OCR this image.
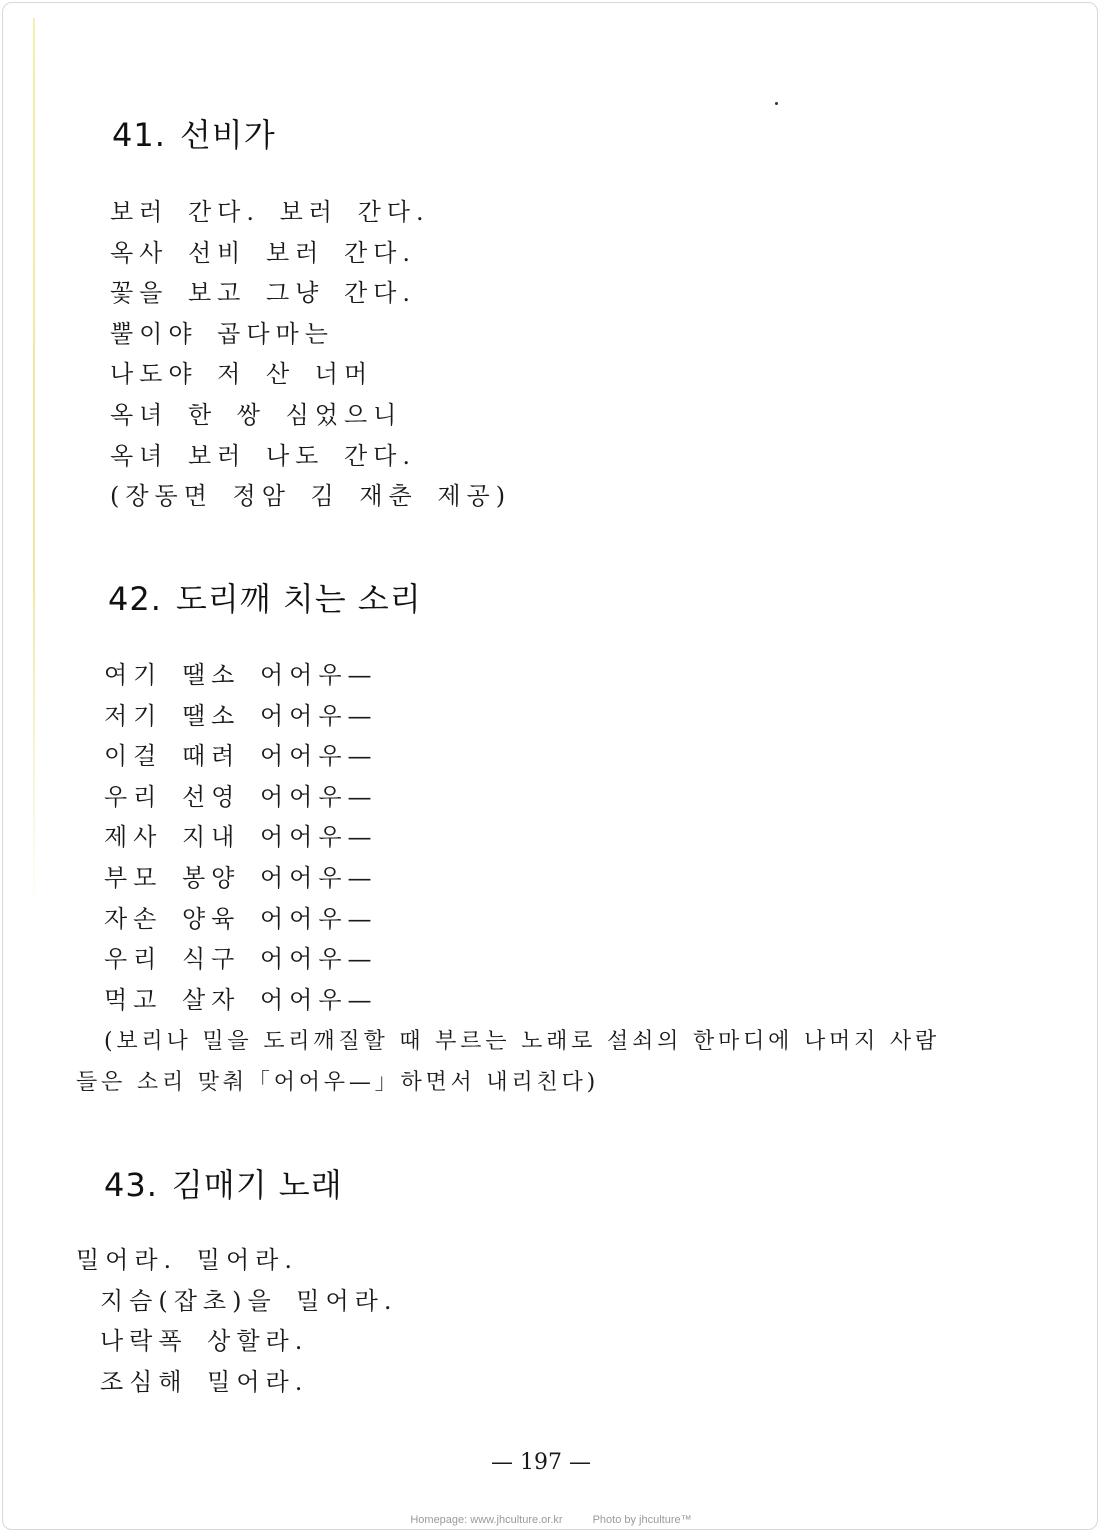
41. 선비가
보러 간다. 보러 간다.
옥사 선비 보러 간다.
꽃을 보고 그냥 간다.
뿔이야 곱다마는
나도야 저 산 너머
옥녀 한 쌍 심었으니
옥녀 보러 나도 간다.
(장동면 정암 김 재춘 제공)
42. 도리깨 치는 소리
여기 땔소 어어우—
저기 땔소 어어우—
이걸 때려 어어우—
우리 선영 어어우—
제사 지내 어어우—
부모 봉양 어어우—
자손 양육 어어우—
우리 식구 어어우—
먹고 살자 어어우—

(보리나 밀을 도리깨질할 때 부르는 노래로 설쇠의 한마디에 나머지 사람

들은 소리 맞춰「어어우—」하면서 내리친다)

43. 김매기 노래
밀어라. 밀어라.
지슴(잡초)을 밀어라.
나락폭 상할라.
조심해 밀어라.

— 197 —

Homepage: www.jhculture.or.kr	Photo by jhculture™
